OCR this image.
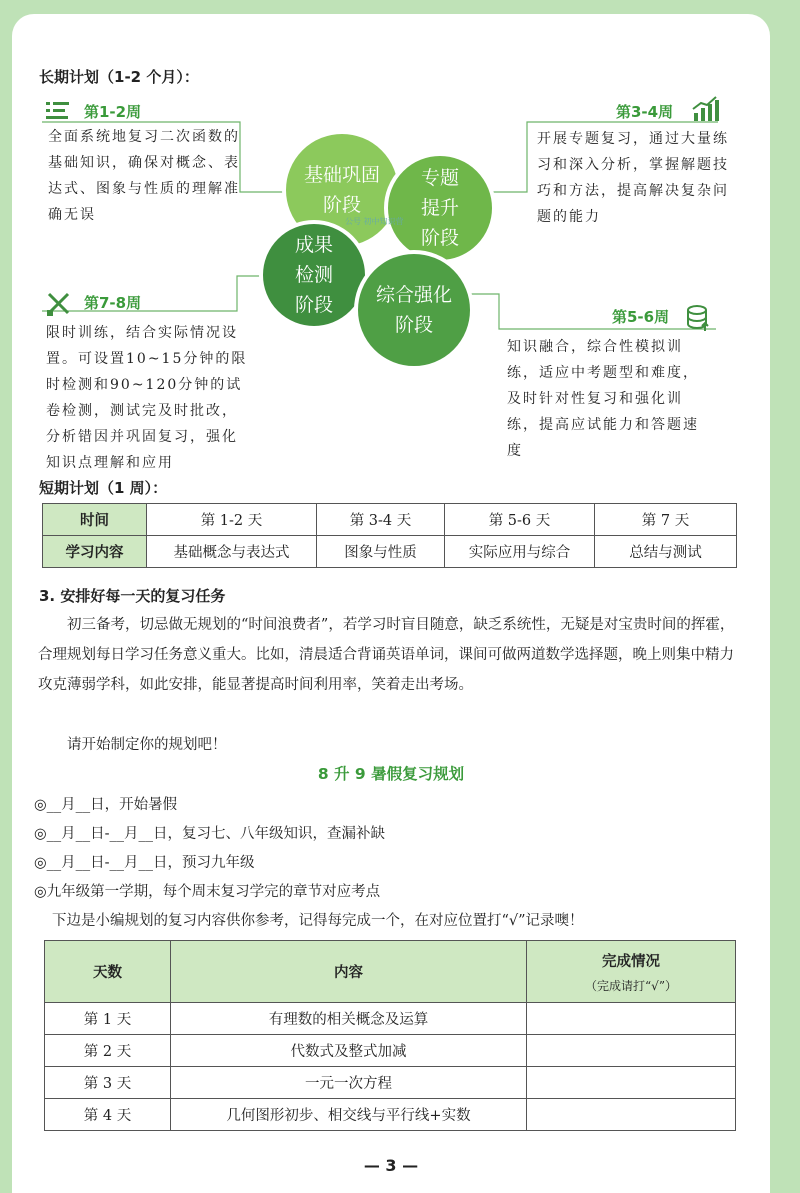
长期计划（1-2 个月）：
第1-2周	第3-4周
第7-8周
第5-6周
全面系统地复习二次函数的基础知识，确保对概念、表达式、图象与性质的理解准确无误
开展专题复习，通过大量练习和深入分析，掌握解题技巧和方法，提高解决复杂问题的能力
限时训练，结合实际情况设置。可设置10~15分钟的限时检测和90~120分钟的试卷检测，测试完及时批改，分析错因并巩固复习，强化知识点理解和应用
知识融合，综合性模拟训练，适应中考题型和难度，及时针对性复习和强化训练，提高应试能力和答题速度
基础巩固阶段
专题提升阶段
成果检测阶段 综合强化阶段
公号 初中知识营
短期计划（1 周）：
时间	第 1-2 天	第 3-4 天	第 5-6 天	第 7 天
学习内容	基础概念与表达式	图象与性质	实际应用与综合	总结与测试
3. 安排好每一天的复习任务
初三备考，切忌做无规划的“时间浪费者”，若学习时盲目随意，缺乏系统性，无疑是对宝贵时间的挥霍，合理规划每日学习任务意义重大。比如，清晨适合背诵英语单词，课间可做两道数学选择题，晚上则集中精力攻克薄弱学科，如此安排，能显著提高时间利用率，笑着走出考场。
请开始制定你的规划吧！
8 升 9 暑假复习规划
◎__月__日，开始暑假
◎__月__日-__月__日，复习七、八年级知识，查漏补缺
◎__月__日-__月__日，预习九年级
◎九年级第一学期，每个周末复习学完的章节对应考点
下边是小编规划的复习内容供你参考，记得每完成一个，在对应位置打“√”记录噢！
天数	内容	完成情况
（完成请打“√”）

第 1 天	有理数的相关概念及运算	
第 2 天	代数式及整式加减	
第 3 天	一元一次方程	
第 4 天	几何图形初步、相交线与平行线+实数	
— 3 —
